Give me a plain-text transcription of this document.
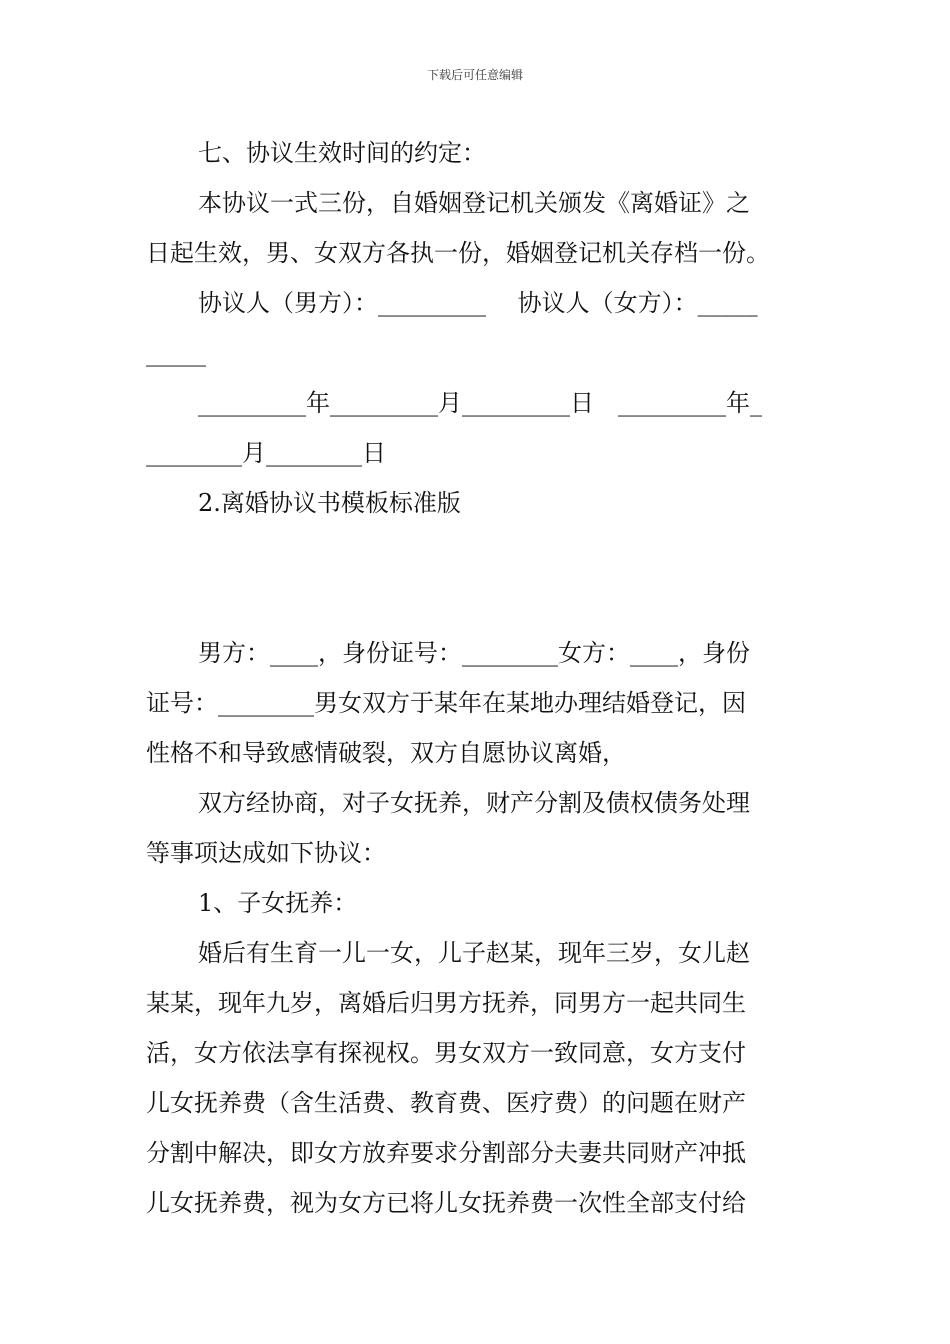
下载后可任意编辑

七、协议生效时间的约定：

本协议一式三份，自婚姻登记机关颁发《离婚证》之

日起生效，男、女双方各执一份，婚姻登记机关存档一份。

协议人（男方）：_________　 协议人（女方）：_____

_____

_________年_________月_________日　_________年_

________月________日

2.离婚协议书模板标准版

男方：____，身份证号：________女方：____，身份

证号：________男女双方于某年在某地办理结婚登记，因

性格不和导致感情破裂，双方自愿协议离婚，

双方经协商，对子女抚养，财产分割及债权债务处理

等事项达成如下协议：

1、子女抚养：

婚后有生育一儿一女，儿子赵某，现年三岁，女儿赵

某某，现年九岁，离婚后归男方抚养，同男方一起共同生

活，女方依法享有探视权。男女双方一致同意，女方支付

儿女抚养费（含生活费、教育费、医疗费）的问题在财产

分割中解决，即女方放弃要求分割部分夫妻共同财产冲抵

儿女抚养费，视为女方已将儿女抚养费一次性全部支付给
